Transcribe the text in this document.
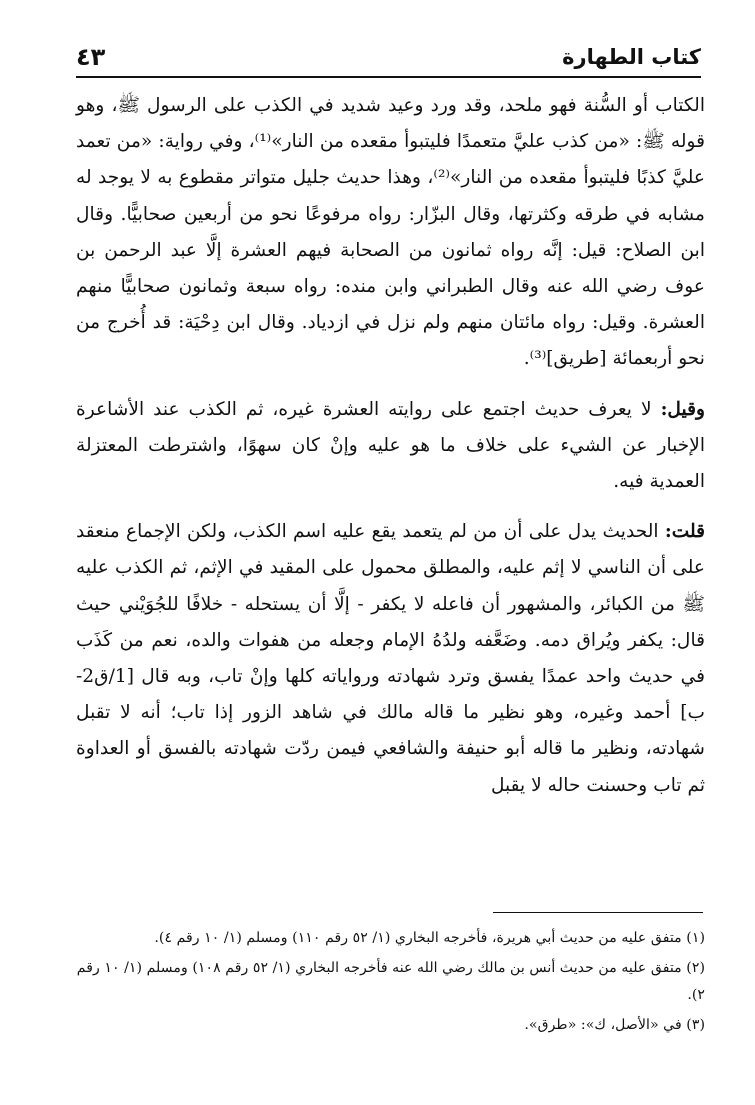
كتاب الطهارة
٤٣

الكتاب أو السُّنة فهو ملحد، وقد ورد وعيد شديد في الكذب على الرسول ﷺ، وهو قوله ﷺ: «من كذب عليَّ متعمدًا فليتبوأ مقعده من النار»⁽¹⁾، وفي رواية: «من تعمد عليَّ كذبًا فليتبوأ مقعده من النار»⁽²⁾، وهذا حديث جليل متواتر مقطوع به لا يوجد له مشابه في طرقه وكثرتها، وقال البزّار: رواه مرفوعًا نحو من أربعين صحابيًّا. وقال ابن الصلاح: قيل: إنَّه رواه ثمانون من الصحابة فيهم العشرة إلَّا عبد الرحمن بن عوف رضي الله عنه وقال الطبراني وابن منده: رواه سبعة وثمانون صحابيًّا منهم العشرة. وقيل: رواه مائتان منهم ولم نزل في ازدياد. وقال ابن دِحْيَة: قد أُخرج من نحو أربعمائة [طريق]⁽³⁾.

وقيل: لا يعرف حديث اجتمع على روايته العشرة غيره، ثم الكذب عند الأشاعرة الإخبار عن الشيء على خلاف ما هو عليه وإنْ كان سهوًا، واشترطت المعتزلة العمدية فيه.

قلت: الحديث يدل على أن من لم يتعمد يقع عليه اسم الكذب، ولكن الإجماع منعقد على أن الناسي لا إثم عليه، والمطلق محمول على المقيد في الإثم، ثم الكذب عليه ﷺ من الكبائر، والمشهور أن فاعله لا يكفر - إلَّا أن يستحله - خلافًا للجُوَيْني حيث قال: يكفر ويُراق دمه. وضَعَّفه ولدُهُ الإمام وجعله من هفوات والده، نعم من كَذَب في حديث واحد عمدًا يفسق وترد شهادته ورواياته كلها وإنْ تاب، وبه قال [1/ق2-ب] أحمد وغيره، وهو نظير ما قاله مالك في شاهد الزور إذا تاب؛ أنه لا تقبل شهادته، ونظير ما قاله أبو حنيفة والشافعي فيمن ردّت شهادته بالفسق أو العداوة ثم تاب وحسنت حاله لا يقبل

(١) متفق عليه من حديث أبي هريرة، فأخرجه البخاري (١/ ٥٢ رقم ١١٠) ومسلم (١/ ١٠ رقم ٤).

(٢) متفق عليه من حديث أنس بن مالك رضي الله عنه فأخرجه البخاري (١/ ٥٢ رقم ١٠٨) ومسلم (١/ ١٠ رقم ٢).

(٣) في «الأصل، ك»: «طرق».
